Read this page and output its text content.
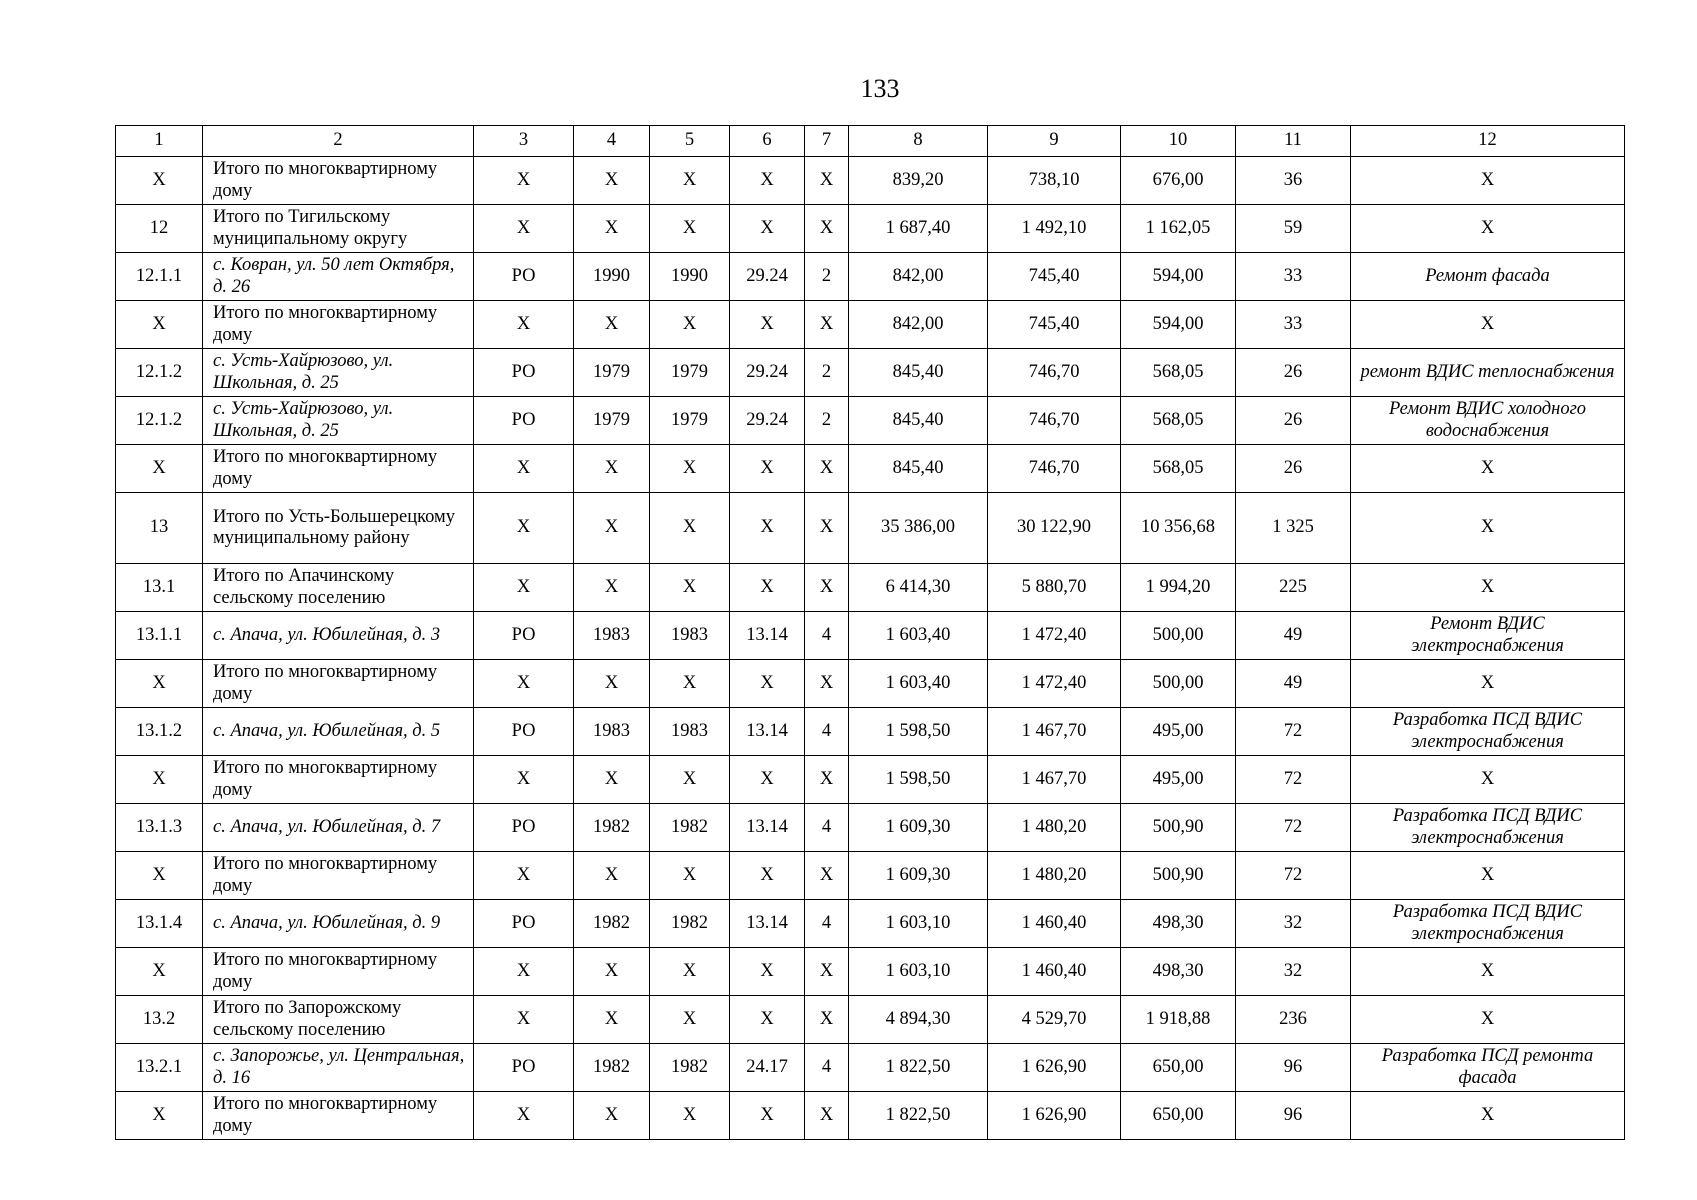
133
1	2	3	4	5	6	7	8	9	10	11	12
Х	Итого по многоквартирному дому	Х	Х	Х	Х	Х	839,20	738,10	676,00	36	Х
12	Итого по Тигильскому муниципальному округу	Х	Х	Х	Х	Х	1 687,40	1 492,10	1 162,05	59	Х
12.1.1	с. Ковран, ул. 50 лет Октября, д. 26	РО	1990	1990	29.24	2	842,00	745,40	594,00	33	Ремонт фасада
Х	Итого по многоквартирному дому	Х	Х	Х	Х	Х	842,00	745,40	594,00	33	Х
12.1.2	с. Усть-Хайрюзово, ул. Школьная, д. 25	РО	1979	1979	29.24	2	845,40	746,70	568,05	26	ремонт ВДИС теплоснабжения
12.1.2	с. Усть-Хайрюзово, ул. Школьная, д. 25	РО	1979	1979	29.24	2	845,40	746,70	568,05	26	Ремонт ВДИС холодного водоснабжения
Х	Итого по многоквартирному дому	Х	Х	Х	Х	Х	845,40	746,70	568,05	26	Х
13	Итого по Усть-Большерецкому муниципальному району	Х	Х	Х	Х	Х	35 386,00	30 122,90	10 356,68	1 325	Х
13.1	Итого по Апачинскому сельскому поселению	Х	Х	Х	Х	Х	6 414,30	5 880,70	1 994,20	225	Х
13.1.1	с. Апача, ул. Юбилейная, д. 3	РО	1983	1983	13.14	4	1 603,40	1 472,40	500,00	49	Ремонт ВДИС электроснабжения
Х	Итого по многоквартирному дому	Х	Х	Х	Х	Х	1 603,40	1 472,40	500,00	49	Х
13.1.2	с. Апача, ул. Юбилейная, д. 5	РО	1983	1983	13.14	4	1 598,50	1 467,70	495,00	72	Разработка ПСД ВДИС электроснабжения
Х	Итого по многоквартирному дому	Х	Х	Х	Х	Х	1 598,50	1 467,70	495,00	72	Х
13.1.3	с. Апача, ул. Юбилейная, д. 7	РО	1982	1982	13.14	4	1 609,30	1 480,20	500,90	72	Разработка ПСД ВДИС электроснабжения
Х	Итого по многоквартирному дому	Х	Х	Х	Х	Х	1 609,30	1 480,20	500,90	72	Х
13.1.4	с. Апача, ул. Юбилейная, д. 9	РО	1982	1982	13.14	4	1 603,10	1 460,40	498,30	32	Разработка ПСД ВДИС электроснабжения
Х	Итого по многоквартирному дому	Х	Х	Х	Х	Х	1 603,10	1 460,40	498,30	32	Х
13.2	Итого по Запорожскому сельскому поселению	Х	Х	Х	Х	Х	4 894,30	4 529,70	1 918,88	236	Х
13.2.1	с. Запорожье, ул. Центральная, д. 16	РО	1982	1982	24.17	4	1 822,50	1 626,90	650,00	96	Разработка ПСД ремонта фасада
Х	Итого по многоквартирному дому	Х	Х	Х	Х	Х	1 822,50	1 626,90	650,00	96	Х
